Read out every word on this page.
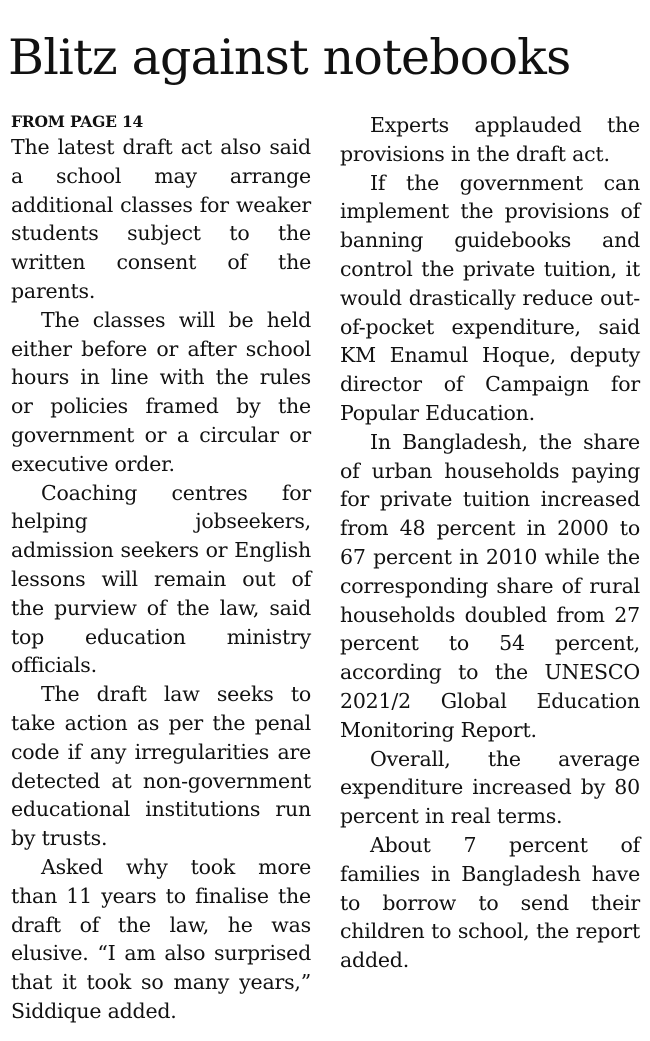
Blitz against notebooks
FROM PAGE 14

The latest draft act also said a school may arrange additional classes for weaker students subject to the written consent of the parents.

The classes will be held either before or after school hours in line with the rules or policies framed by the government or a circular or executive order.

Coaching centres for helping jobseekers, admission seekers or English lessons will remain out of the purview of the law, said top education ministry officials.

The draft law seeks to take action as per the penal code if any irregularities are detected at non-government educational institutions run by trusts.

Asked why took more than 11 years to finalise the draft of the law, he was elusive. “I am also surprised that it took so many years,” Siddique added.

Experts applauded the provisions in the draft act.

If the government can implement the provisions of banning guidebooks and control the private tuition, it would drastically reduce out-of-pocket expenditure, said KM Enamul Hoque, deputy director of Campaign for Popular Education.

In Bangladesh, the share of urban households paying for private tuition increased from 48 percent in 2000 to 67 percent in 2010 while the corresponding share of rural households doubled from 27 percent to 54 percent, according to the UNESCO 2021/2 Global Education Monitoring Report.

Overall, the average expenditure increased by 80 percent in real terms.

About 7 percent of families in Bangladesh have to borrow to send their children to school, the report added.
